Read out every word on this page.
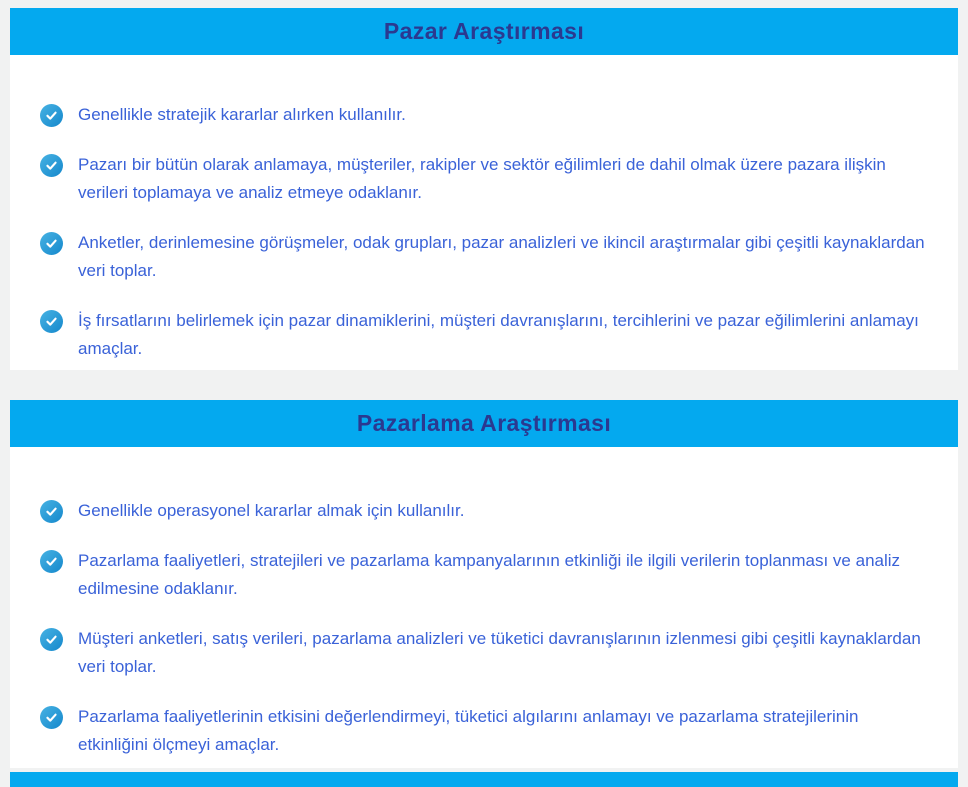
Pazar Araştırması

Genellikle stratejik kararlar alırken kullanılır.

Pazarı bir bütün olarak anlamaya, müşteriler, rakipler ve sektör eğilimleri de dahil olmak üzere pazara ilişkin verileri toplamaya ve analiz etmeye odaklanır.

Anketler, derinlemesine görüşmeler, odak grupları, pazar analizleri ve ikincil araştırmalar gibi çeşitli kaynaklardan veri toplar.

İş fırsatlarını belirlemek için pazar dinamiklerini, müşteri davranışlarını, tercihlerini ve pazar eğilimlerini anlamayı amaçlar.

Pazarlama Araştırması

Genellikle operasyonel kararlar almak için kullanılır.

Pazarlama faaliyetleri, stratejileri ve pazarlama kampanyalarının etkinliği ile ilgili verilerin toplanması ve analiz edilmesine odaklanır.

Müşteri anketleri, satış verileri, pazarlama analizleri ve tüketici davranışlarının izlenmesi gibi çeşitli kaynaklardan veri toplar.

Pazarlama faaliyetlerinin etkisini değerlendirmeyi, tüketici algılarını anlamayı ve pazarlama stratejilerinin etkinliğini ölçmeyi amaçlar.
